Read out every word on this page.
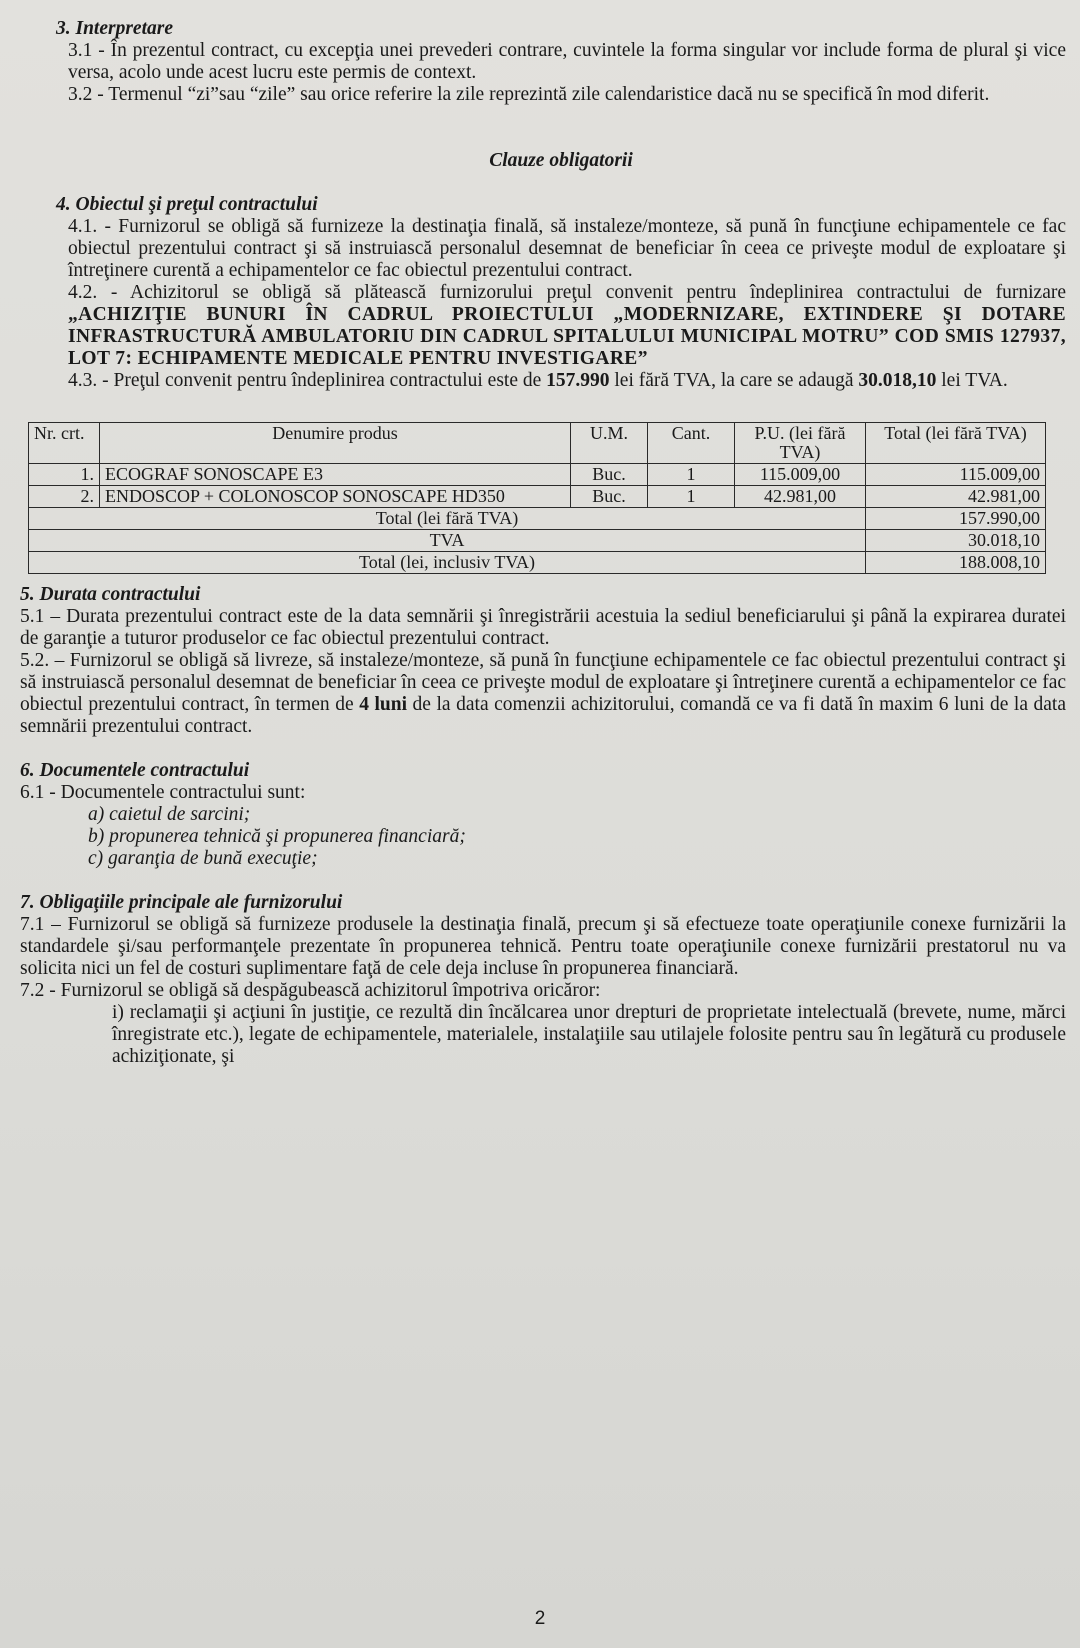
3. Interpretare

3.1 - În prezentul contract, cu excepţia unei prevederi contrare, cuvintele la forma singular vor include forma de plural şi vice versa, acolo unde acest lucru este permis de context.

3.2 - Termenul “zi”sau “zile” sau orice referire la zile reprezintă zile calendaristice dacă nu se specifică în mod diferit.

Clauze obligatorii
4. Obiectul şi preţul contractului

4.1. - Furnizorul se obligă să furnizeze la destinaţia finală, să instaleze/monteze, să pună în funcţiune echipamentele ce fac obiectul prezentului contract şi să instruiască personalul desemnat de beneficiar în ceea ce priveşte modul de exploatare şi întreţinere curentă a echipamentelor ce fac obiectul prezentului contract.

4.2. - Achizitorul se obligă să plătească furnizorului preţul convenit pentru îndeplinirea contractului de furnizare „ACHIZIŢIE BUNURI ÎN CADRUL PROIECTULUI „MODERNIZARE, EXTINDERE ŞI DOTARE INFRASTRUCTURĂ AMBULATORIU DIN CADRUL SPITALULUI MUNICIPAL MOTRU” COD SMIS 127937, LOT 7: ECHIPAMENTE MEDICALE PENTRU INVESTIGARE”

4.3. - Preţul convenit pentru îndeplinirea contractului este de 157.990 lei fără TVA, la care se adaugă 30.018,10 lei TVA.

Nr. crt.	Denumire produs	U.M.	Cant.	P.U. (lei fără TVA)	Total (lei fără TVA)
1.	ECOGRAF SONOSCAPE E3	Buc.	1	115.009,00	115.009,00
2.	ENDOSCOP + COLONOSCOP SONOSCAPE HD350	Buc.	1	42.981,00	42.981,00
Total (lei fără TVA)					157.990,00
TVA					30.018,10
Total (lei, inclusiv TVA)					188.008,10
5. Durata contractului

5.1 – Durata prezentului contract este de la data semnării şi înregistrării acestuia la sediul beneficiarului şi până la expirarea duratei de garanţie a tuturor produselor ce fac obiectul prezentului contract.

5.2. – Furnizorul se obligă să livreze, să instaleze/monteze, să pună în funcţiune echipamentele ce fac obiectul prezentului contract şi să instruiască personalul desemnat de beneficiar în ceea ce priveşte modul de exploatare şi întreţinere curentă a echipamentelor ce fac obiectul prezentului contract, în termen de 4 luni de la data comenzii achizitorului, comandă ce va fi dată în maxim 6 luni de la data semnării prezentului contract.

6. Documentele contractului

6.1 - Documentele contractului sunt:

a) caietul de sarcini;
b) propunerea tehnică şi propunerea financiară;
c) garanţia de bună execuţie;
7. Obligaţiile principale ale furnizorului

7.1 – Furnizorul se obligă să furnizeze produsele la destinaţia finală, precum şi să efectueze toate operaţiunile conexe furnizării la standardele şi/sau performanţele prezentate în propunerea tehnică. Pentru toate operaţiunile conexe furnizării prestatorul nu va solicita nici un fel de costuri suplimentare faţă de cele deja incluse în propunerea financiară.

7.2 - Furnizorul se obligă să despăgubească achizitorul împotriva oricăror:

i) reclamaţii şi acţiuni în justiţie, ce rezultă din încălcarea unor drepturi de proprietate intelectuală (brevete, nume, mărci înregistrate etc.), legate de echipamentele, materialele, instalaţiile sau utilajele folosite pentru sau în legătură cu produsele achiziţionate, şi

2
